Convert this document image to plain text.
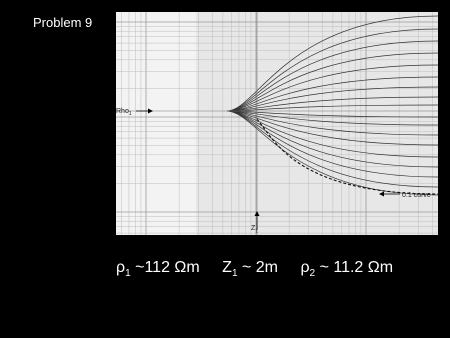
Problem 9
Rho$_1$
0.1 curve
$Z_1$
$\rho_1$ ~112 Ωm $Z_1$ ~ 2m $\rho_2$ ~ 11.2 Ωm
